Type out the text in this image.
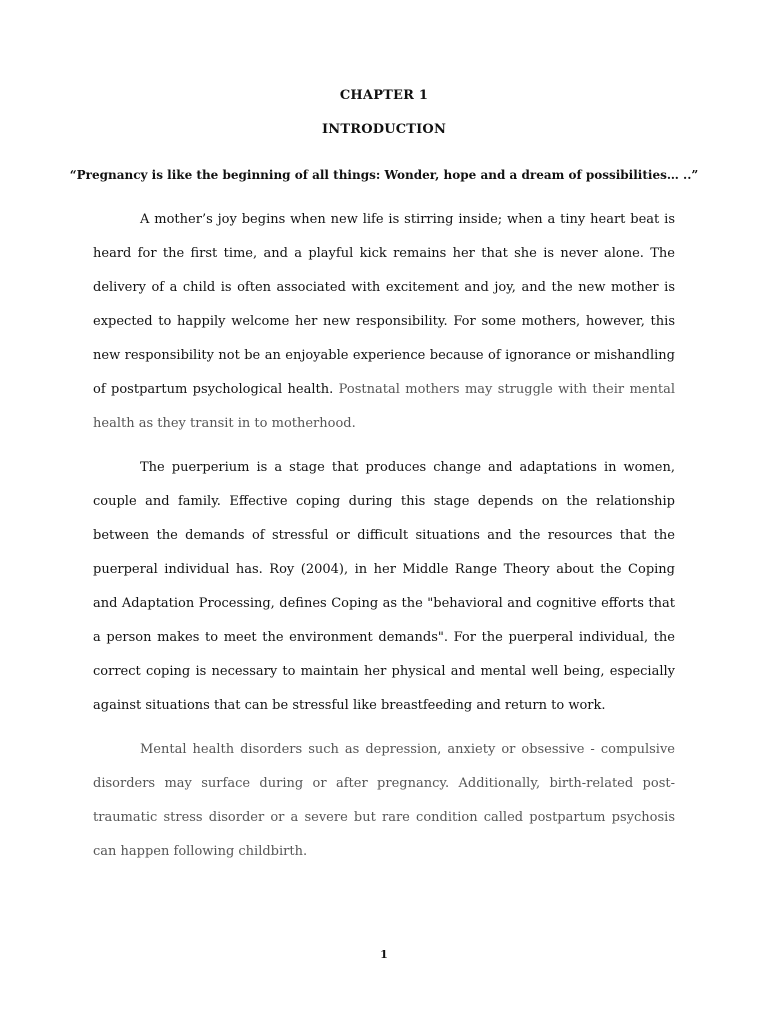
CHAPTER 1
INTRODUCTION

“Pregnancy is like the beginning of all things: Wonder, hope and a dream of possibilities… ..”

A mother’s joy begins when new life is stirring inside; when a tiny heart beat is heard for the first time, and a playful kick remains her that she is never alone. The delivery of a child is often associated with excitement and joy, and the new mother is expected to happily welcome her new responsibility. For some mothers, however, this new responsibility not be an enjoyable experience because of ignorance or mishandling of postpartum psychological health. Postnatal mothers may struggle with their mental health as they transit in to motherhood.

The puerperium is a stage that produces change and adaptations in women, couple and family. Effective coping during this stage depends on the relationship between the demands of stressful or difficult situations and the resources that the puerperal individual has. Roy (2004), in her Middle Range Theory about the Coping and Adaptation Processing, defines Coping as the "behavioral and cognitive efforts that a person makes to meet the environment demands". For the puerperal individual, the correct coping is necessary to maintain her physical and mental well being, especially against situations that can be stressful like breastfeeding and return to work.

Mental health disorders such as depression, anxiety or obsessive - compulsive disorders may surface during or after pregnancy. Additionally, birth-related post-traumatic stress disorder or a severe but rare condition called postpartum psychosis can happen following childbirth.

1
